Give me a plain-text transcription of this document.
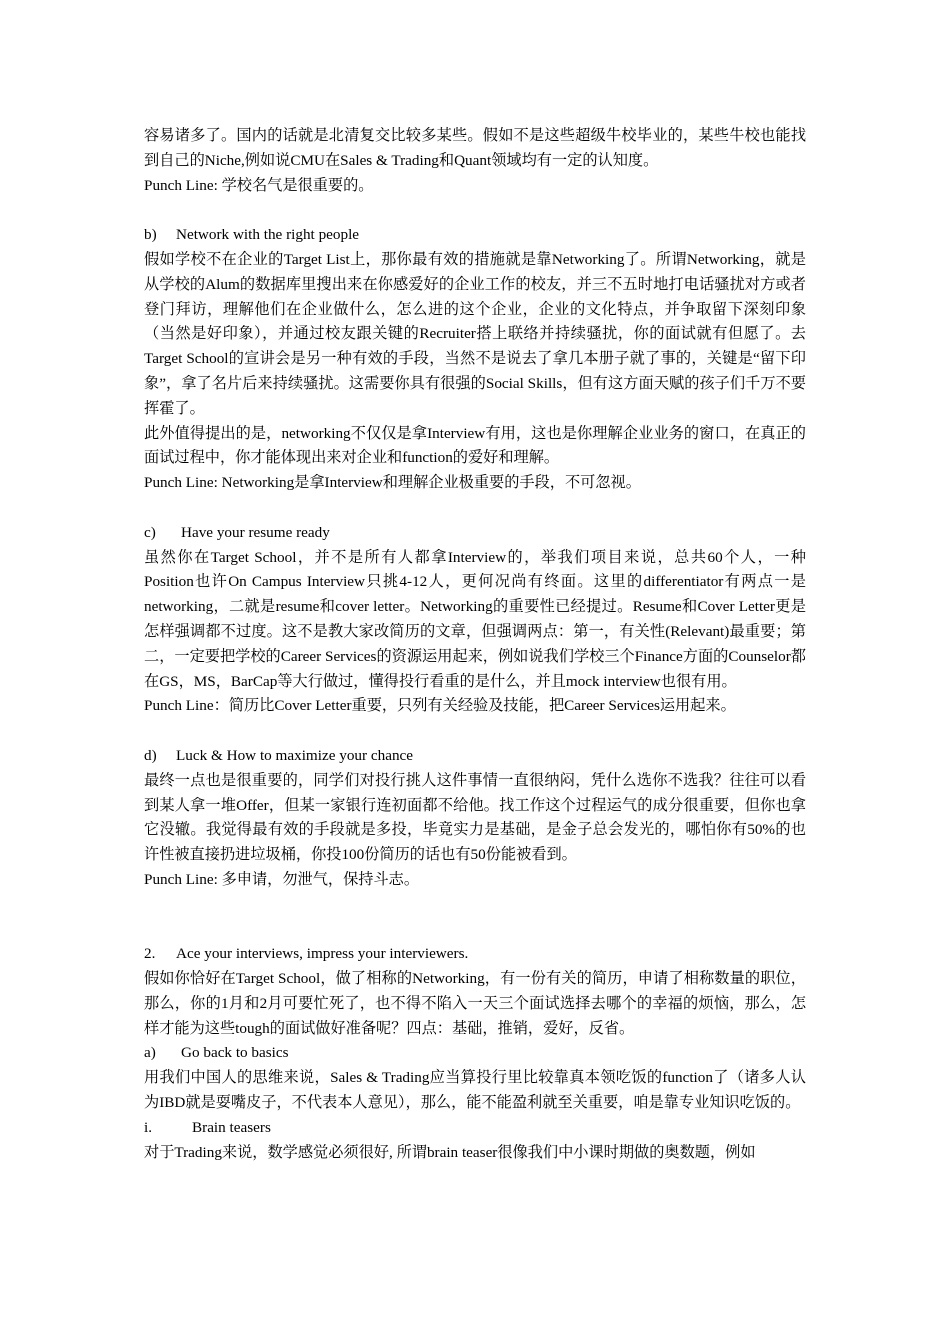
容易诸多了。国内的话就是北清复交比较多某些。假如不是这些超级牛校毕业的，某些牛校也能找到自己的Niche,例如说CMU在Sales & Trading和Quant领域均有一定的认知度。

Punch Line: 学校名气是很重要的。

b)	Network with the right people

假如学校不在企业的Target List上，那你最有效的措施就是靠Networking了。所谓Networking，就是从学校的Alum的数据库里搜出来在你感爱好的企业工作的校友，并三不五时地打电话骚扰对方或者登门拜访，理解他们在企业做什么，怎么进的这个企业，企业的文化特点，并争取留下深刻印象（当然是好印象），并通过校友跟关键的Recruiter搭上联络并持续骚扰，你的面试就有但愿了。去Target School的宣讲会是另一种有效的手段，当然不是说去了拿几本册子就了事的，关键是“留下印象”，拿了名片后来持续骚扰。这需要你具有很强的Social Skills，但有这方面天赋的孩子们千万不要挥霍了。

此外值得提出的是，networking不仅仅是拿Interview有用，这也是你理解企业业务的窗口，在真正的面试过程中，你才能体现出来对企业和function的爱好和理解。

Punch Line: Networking是拿Interview和理解企业极重要的手段，不可忽视。

c)	Have your resume ready

虽然你在Target School，并不是所有人都拿Interview的，举我们项目来说，总共60个人，一种Position也许On Campus Interview只挑4-12人，更何况尚有终面。这里的differentiator有两点一是networking，二就是resume和cover letter。Networking的重要性已经提过。Resume和Cover Letter更是怎样强调都不过度。这不是教大家改简历的文章，但强调两点：第一，有关性(Relevant)最重要；第二，一定要把学校的Career Services的资源运用起来，例如说我们学校三个Finance方面的Counselor都在GS，MS，BarCap等大行做过，懂得投行看重的是什么，并且mock interview也很有用。

Punch Line：简历比Cover Letter重要，只列有关经验及技能，把Career Services运用起来。

d)	Luck & How to maximize your chance

最终一点也是很重要的，同学们对投行挑人这件事情一直很纳闷，凭什么选你不选我？往往可以看到某人拿一堆Offer，但某一家银行连初面都不给他。找工作这个过程运气的成分很重要，但你也拿它没辙。我觉得最有效的手段就是多投，毕竟实力是基础，是金子总会发光的，哪怕你有50%的也许性被直接扔进垃圾桶，你投100份简历的话也有50份能被看到。

Punch Line: 多申请，勿泄气，保持斗志。

2.	Ace your interviews, impress your interviewers.

假如你恰好在Target School，做了相称的Networking，有一份有关的简历，申请了相称数量的职位，那么，你的1月和2月可要忙死了，也不得不陷入一天三个面试选择去哪个的幸福的烦恼，那么，怎样才能为这些tough的面试做好准备呢？四点：基础，推销，爱好，反省。

a)	Go back to basics

用我们中国人的思维来说，Sales & Trading应当算投行里比较靠真本领吃饭的function了（诸多人认为IBD就是耍嘴皮子，不代表本人意见），那么，能不能盈利就至关重要，咱是靠专业知识吃饭的。

i.	Brain teasers

对于Trading来说，数学感觉必须很好, 所谓brain teaser很像我们中小课时期做的奥数题，例如
